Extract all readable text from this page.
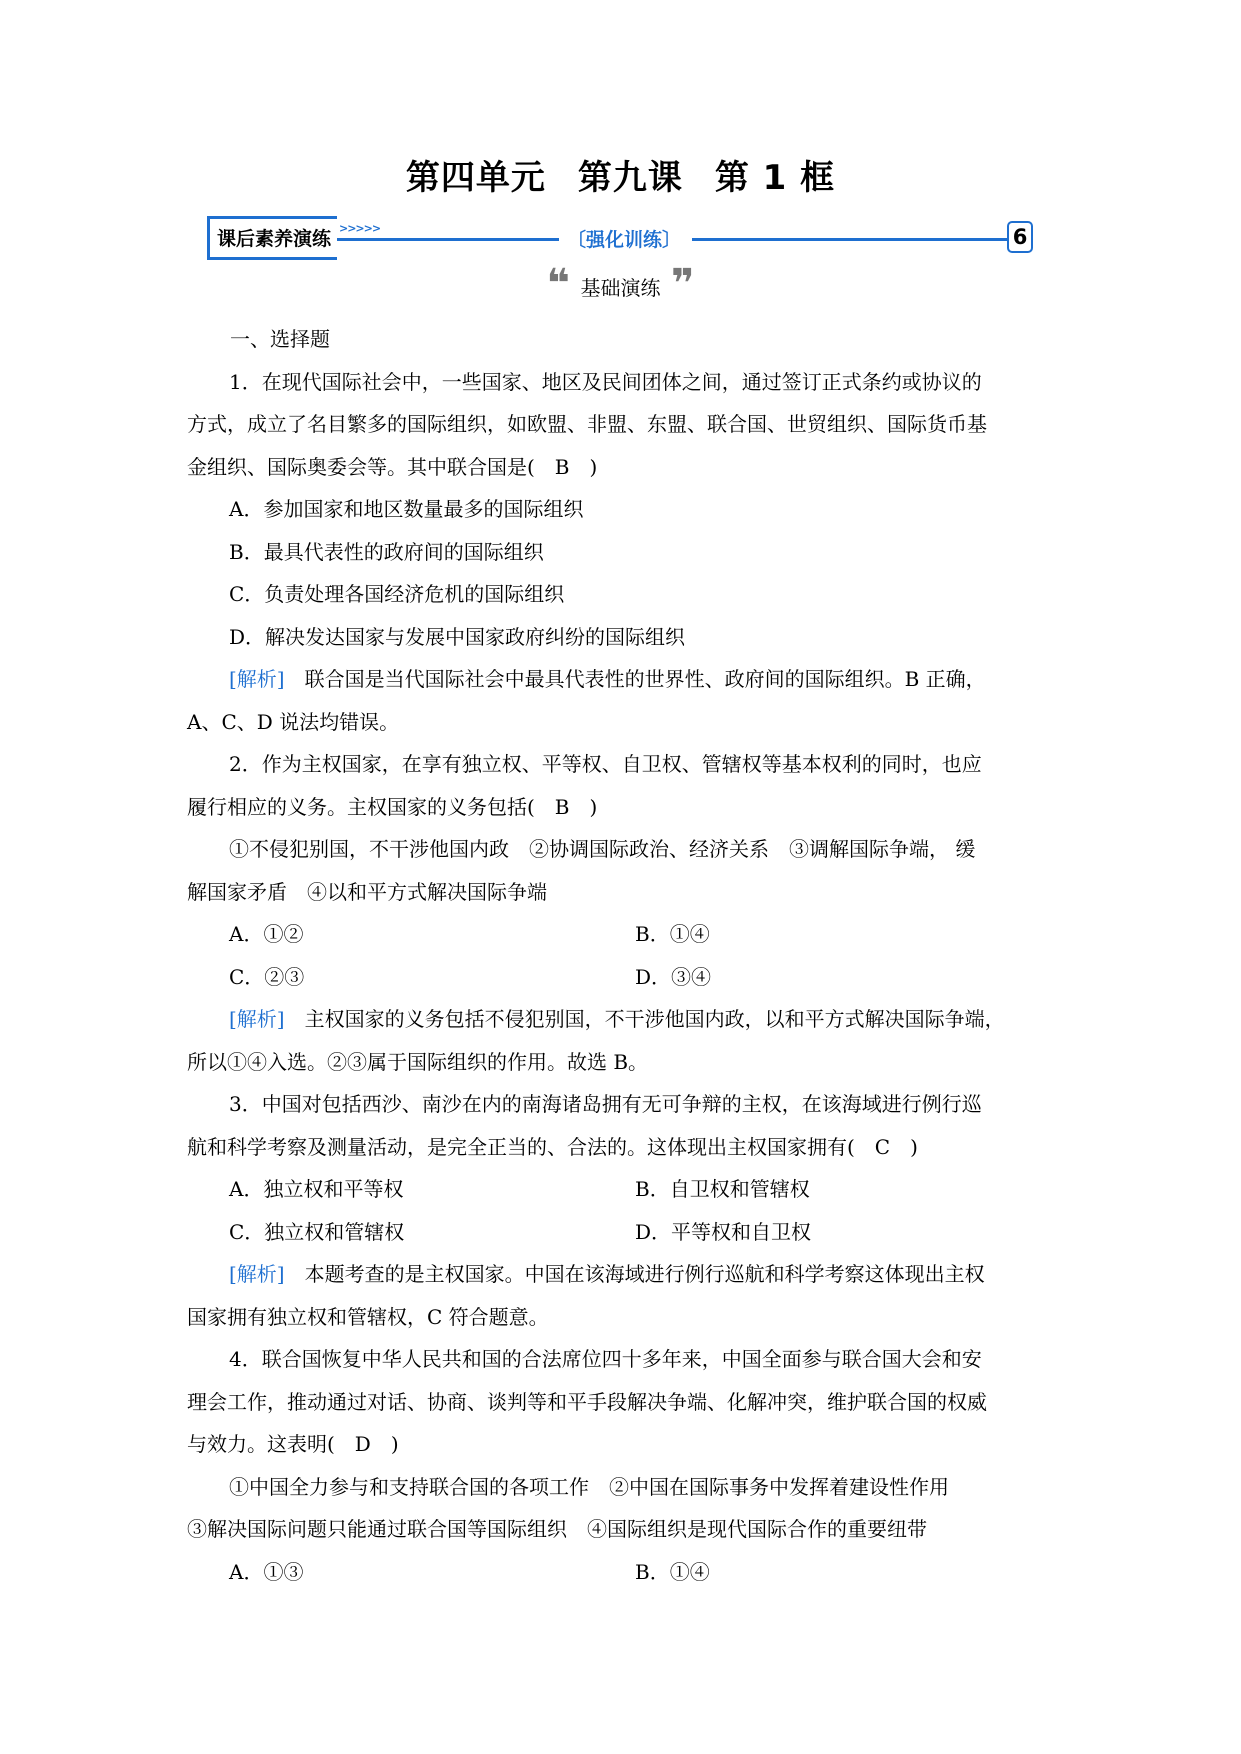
第四单元 第九课 第 1 框
课后素养演练 >>>>>
〔强化训练〕	6
❝ 基础演练 ❞
一、选择题
1．在现代国际社会中，一些国家、地区及民间团体之间，通过签订正式条约或协议的
方式，成立了名目繁多的国际组织，如欧盟、非盟、东盟、联合国、世贸组织、国际货币基
金组织、国际奥委会等。其中联合国是(　B　)
A．参加国家和地区数量最多的国际组织
B．最具代表性的政府间的国际组织
C．负责处理各国经济危机的国际组织
D．解决发达国家与发展中国家政府纠纷的国际组织
[解析]　联合国是当代国际社会中最具代表性的世界性、政府间的国际组织。B 正确，
A、C、D 说法均错误。
2．作为主权国家，在享有独立权、平等权、自卫权、管辖权等基本权利的同时，也应
履行相应的义务。主权国家的义务包括(　B　)
①不侵犯别国，不干涉他国内政　②协调国际政治、经济关系　③调解国际争端， 缓
解国家矛盾　④以和平方式解决国际争端
A．①②	B．①④
C．②③	D．③④
[解析]　主权国家的义务包括不侵犯别国，不干涉他国内政，以和平方式解决国际争端，
所以①④入选。②③属于国际组织的作用。故选 B。
3．中国对包括西沙、南沙在内的南海诸岛拥有无可争辩的主权，在该海域进行例行巡
航和科学考察及测量活动，是完全正当的、合法的。这体现出主权国家拥有(　C　)
A．独立权和平等权	B．自卫权和管辖权
C．独立权和管辖权	D．平等权和自卫权
[解析]　本题考查的是主权国家。中国在该海域进行例行巡航和科学考察这体现出主权
国家拥有独立权和管辖权，C 符合题意。
4．联合国恢复中华人民共和国的合法席位四十多年来，中国全面参与联合国大会和安
理会工作，推动通过对话、协商、谈判等和平手段解决争端、化解冲突，维护联合国的权威
与效力。这表明(　D　)
①中国全力参与和支持联合国的各项工作　②中国在国际事务中发挥着建设性作用
③解决国际问题只能通过联合国等国际组织　④国际组织是现代国际合作的重要纽带
A．①③	B．①④
